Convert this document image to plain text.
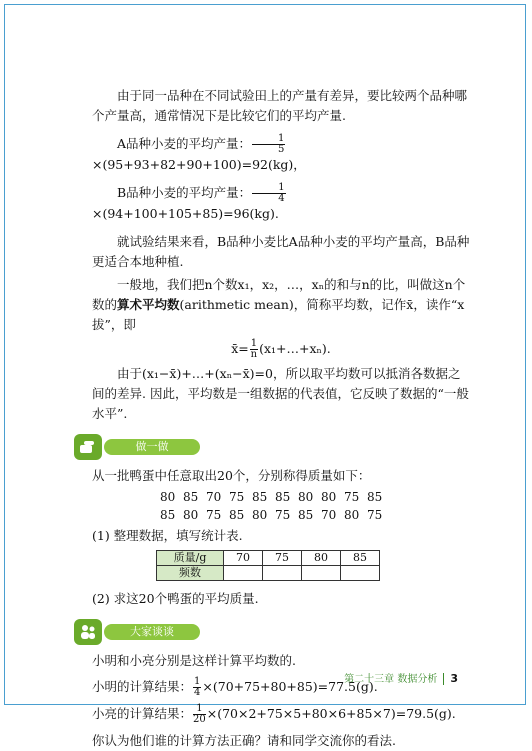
由于同一品种在不同试验田上的产量有差异，要比较两个品种哪个产量高，通常情况下是比较它们的平均产量.

A品种小麦的平均产量： $\frac{1}{5}$
×(95+93+82+90+100)=92(kg)，

B品种小麦的平均产量： $\frac{1}{4}$
×(94+100+105+85)=96(kg).

就试验结果来看，B品种小麦比A品种小麦的平均产量高，B品种更适合本地种植.

一般地，我们把n个数x₁，x₂，…，xₙ的和与n的比，叫做这n个数的算术平均数(arithmetic mean)，简称平均数，记作x̄，读作“x拔”，即

x̄= $\frac{1}{n}$ (x₁+…+xₙ).

由于(x₁−x̄)+…+(xₙ−x̄)=0，所以取平均数可以抵消各数据之间的差异. 因此，平均数是一组数据的代表值，它反映了数据的“一般水平”.

做一做

从一批鸭蛋中任意取出20个，分别称得质量如下：

80 85 70 75 85 85 80 80 75 85
85 80 75 85 80 75 85 70 80 75

(1) 整理数据，填写统计表.

质量/g	70	75	80	85
频数				

(2) 求这20个鸭蛋的平均质量.

大家谈谈

小明和小亮分别是这样计算平均数的.

小明的计算结果： $\frac{1}{4} \times(70+75+80+85)=77.5(g)$.

小亮的计算结果： $\frac{1}{20} \times(70\times 2+75\times 5+80\times 6+85\times 7)=79.5(g)$.

你认为他们谁的计算方法正确？请和同学交流你的看法.

第二十三章 数据分析 3
